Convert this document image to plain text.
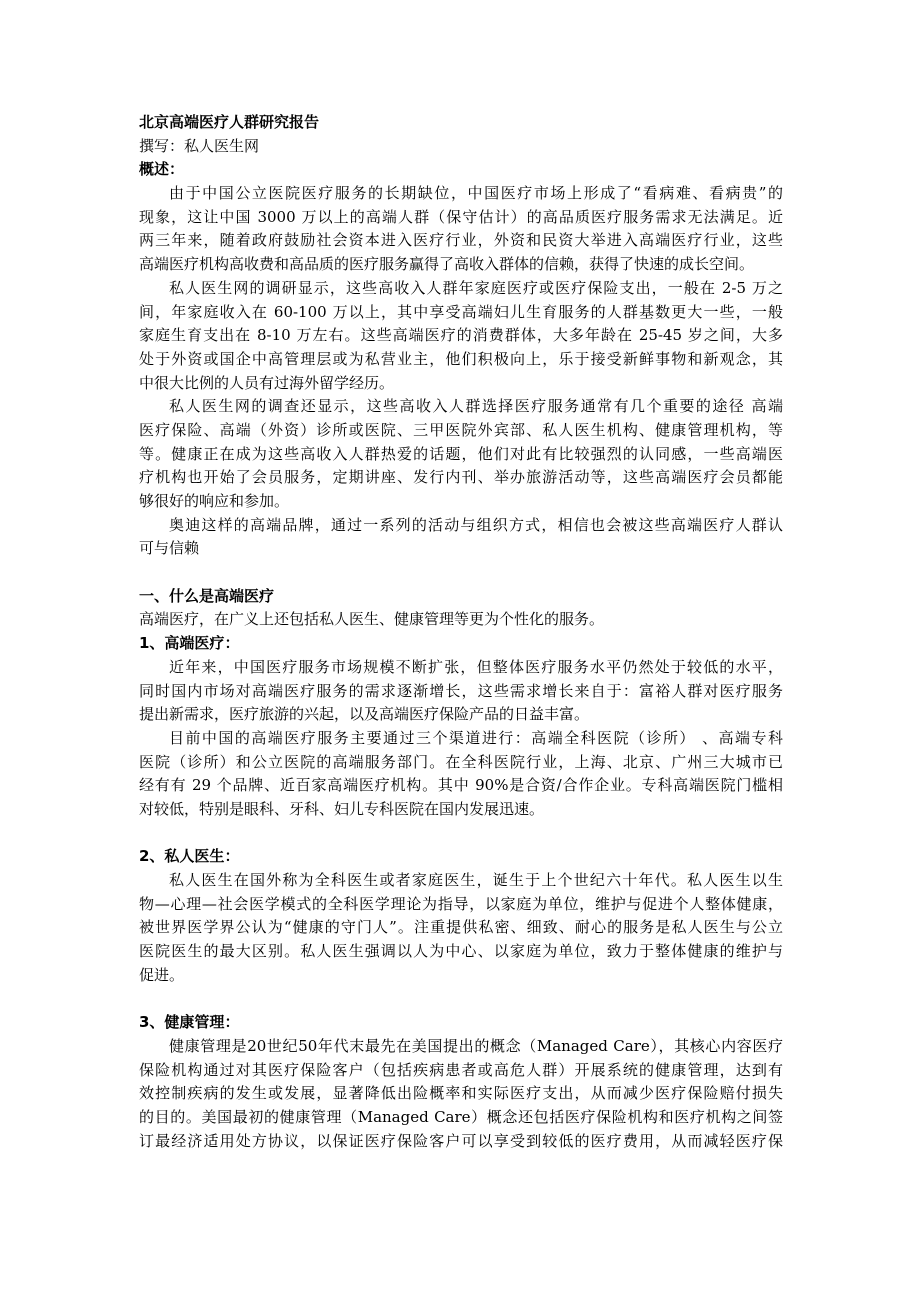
北京高端医疗人群研究报告
撰写：私人医生网
概述：
由于中国公立医院医疗服务的长期缺位，中国医疗市场上形成了“看病难、看病贵”的
现象，这让中国 3000 万以上的高端人群（保守估计）的高品质医疗服务需求无法满足。近
两三年来，随着政府鼓励社会资本进入医疗行业，外资和民资大举进入高端医疗行业，这些
高端医疗机构高收费和高品质的医疗服务赢得了高收入群体的信赖，获得了快速的成长空间。
私人医生网的调研显示，这些高收入人群年家庭医疗或医疗保险支出，一般在 2-5 万之
间，年家庭收入在 60-100 万以上，其中享受高端妇儿生育服务的人群基数更大一些，一般
家庭生育支出在 8-10 万左右。这些高端医疗的消费群体，大多年龄在 25-45 岁之间，大多
处于外资或国企中高管理层或为私营业主，他们积极向上，乐于接受新鲜事物和新观念，其
中很大比例的人员有过海外留学经历。
私人医生网的调查还显示，这些高收入人群选择医疗服务通常有几个重要的途径 高端
医疗保险、高端（外资）诊所或医院、三甲医院外宾部、私人医生机构、健康管理机构，等
等。健康正在成为这些高收入人群热爱的话题，他们对此有比较强烈的认同感，一些高端医
疗机构也开始了会员服务，定期讲座、发行内刊、举办旅游活动等，这些高端医疗会员都能
够很好的响应和参加。
奥迪这样的高端品牌，通过一系列的活动与组织方式，相信也会被这些高端医疗人群认
可与信赖
一、什么是高端医疗
高端医疗，在广义上还包括私人医生、健康管理等更为个性化的服务。
1、高端医疗：
近年来，中国医疗服务市场规模不断扩张，但整体医疗服务水平仍然处于较低的水平，
同时国内市场对高端医疗服务的需求逐渐增长，这些需求增长来自于：富裕人群对医疗服务
提出新需求，医疗旅游的兴起，以及高端医疗保险产品的日益丰富。
目前中国的高端医疗服务主要通过三个渠道进行：高端全科医院（诊所） 、高端专科
医院（诊所）和公立医院的高端服务部门。在全科医院行业，上海、北京、广州三大城市已
经有有 29 个品牌、近百家高端医疗机构。其中 90%是合资/合作企业。专科高端医院门槛相
对较低，特别是眼科、牙科、妇儿专科医院在国内发展迅速。
2、私人医生：
私人医生在国外称为全科医生或者家庭医生，诞生于上个世纪六十年代。私人医生以生
物—心理—社会医学模式的全科医学理论为指导，以家庭为单位，维护与促进个人整体健康，
被世界医学界公认为“健康的守门人”。注重提供私密、细致、耐心的服务是私人医生与公立
医院医生的最大区别。私人医生强调以人为中心、以家庭为单位，致力于整体健康的维护与
促进。
3、健康管理：
健康管理是20世纪50年代末最先在美国提出的概念（Managed Care），其核心内容医疗
保险机构通过对其医疗保险客户（包括疾病患者或高危人群）开展系统的健康管理，达到有
效控制疾病的发生或发展，显著降低出险概率和实际医疗支出，从而减少医疗保险赔付损失
的目的。美国最初的健康管理（Managed Care）概念还包括医疗保险机构和医疗机构之间签
订最经济适用处方协议，以保证医疗保险客户可以享受到较低的医疗费用，从而减轻医疗保
